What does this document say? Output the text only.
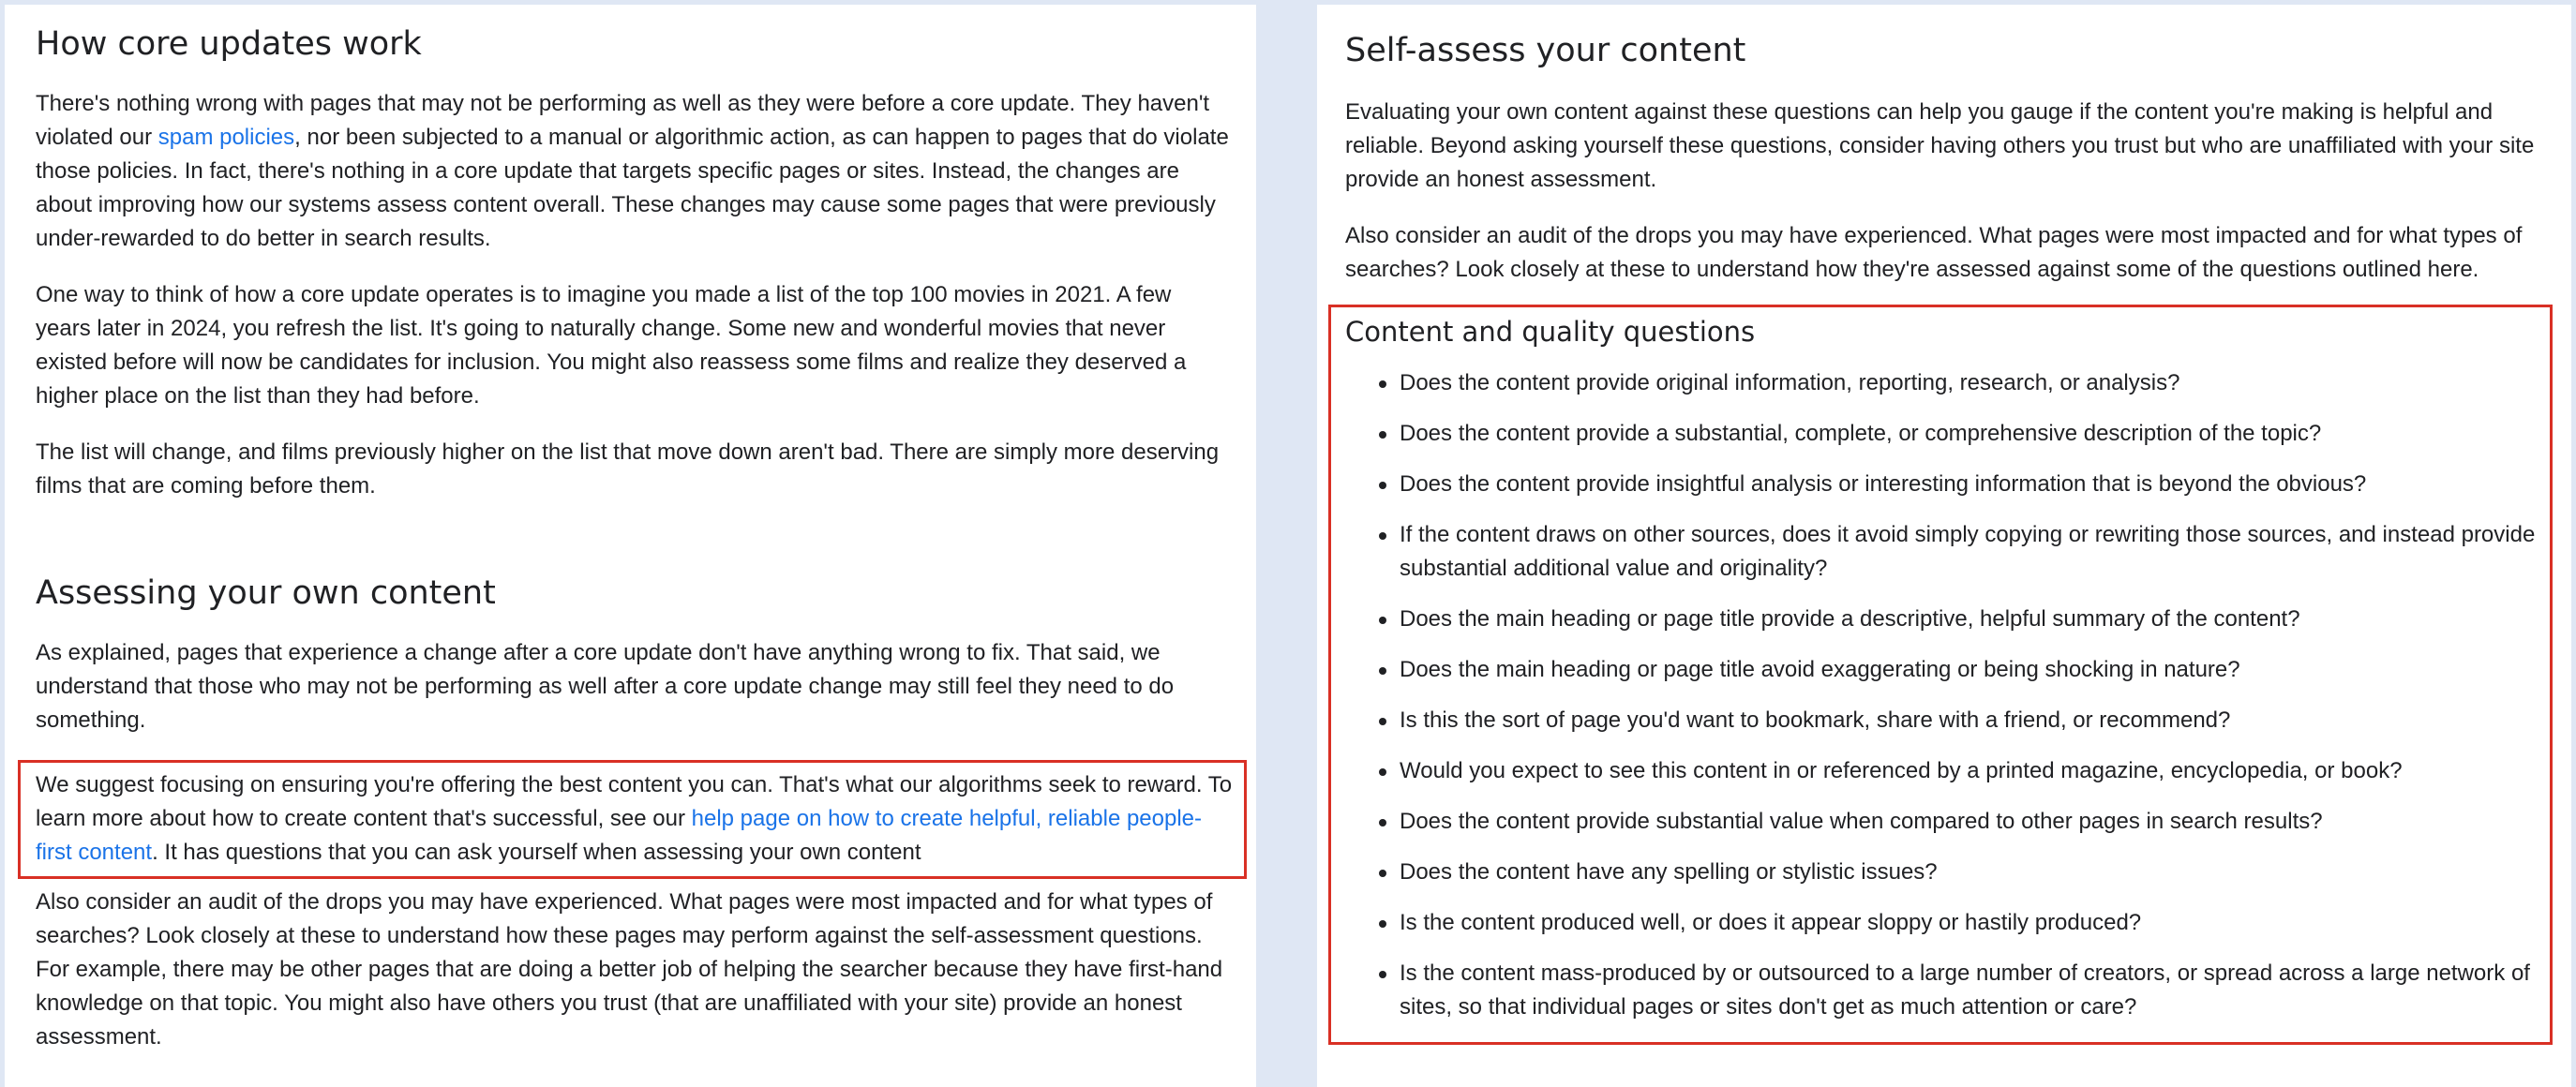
How core updates work

There's nothing wrong with pages that may not be performing as well as they were before a core update. They haven't violated our spam policies, nor been subjected to a manual or algorithmic action, as can happen to pages that do violate those policies. In fact, there's nothing in a core update that targets specific pages or sites. Instead, the changes are about improving how our systems assess content overall. These changes may cause some pages that were previously under-rewarded to do better in search results.

One way to think of how a core update operates is to imagine you made a list of the top 100 movies in 2021. A few years later in 2024, you refresh the list. It's going to naturally change. Some new and wonderful movies that never existed before will now be candidates for inclusion. You might also reassess some films and realize they deserved a higher place on the list than they had before.

The list will change, and films previously higher on the list that move down aren't bad. There are simply more deserving films that are coming before them.

Assessing your own content

As explained, pages that experience a change after a core update don't have anything wrong to fix. That said, we understand that those who may not be performing as well after a core update change may still feel they need to do something.

We suggest focusing on ensuring you're offering the best content you can. That's what our algorithms seek to reward. To learn more about how to create content that's successful, see our help page on how to create helpful, reliable people-first content. It has questions that you can ask yourself when assessing your own content

Also consider an audit of the drops you may have experienced. What pages were most impacted and for what types of searches? Look closely at these to understand how these pages may perform against the self-assessment questions. For example, there may be other pages that are doing a better job of helping the searcher because they have first-hand knowledge on that topic. You might also have others you trust (that are unaffiliated with your site) provide an honest assessment.

Self-assess your content

Evaluating your own content against these questions can help you gauge if the content you're making is helpful and reliable. Beyond asking yourself these questions, consider having others you trust but who are unaffiliated with your site provide an honest assessment.

Also consider an audit of the drops you may have experienced. What pages were most impacted and for what types of searches? Look closely at these to understand how they're assessed against some of the questions outlined here.

Content and quality questions
Does the content provide original information, reporting, research, or analysis?
Does the content provide a substantial, complete, or comprehensive description of the topic?
Does the content provide insightful analysis or interesting information that is beyond the obvious?
If the content draws on other sources, does it avoid simply copying or rewriting those sources, and instead provide substantial additional value and originality?
Does the main heading or page title provide a descriptive, helpful summary of the content?
Does the main heading or page title avoid exaggerating or being shocking in nature?
Is this the sort of page you'd want to bookmark, share with a friend, or recommend?
Would you expect to see this content in or referenced by a printed magazine, encyclopedia, or book?
Does the content provide substantial value when compared to other pages in search results?
Does the content have any spelling or stylistic issues?
Is the content produced well, or does it appear sloppy or hastily produced?
Is the content mass-produced by or outsourced to a large number of creators, or spread across a large network of sites, so that individual pages or sites don't get as much attention or care?
